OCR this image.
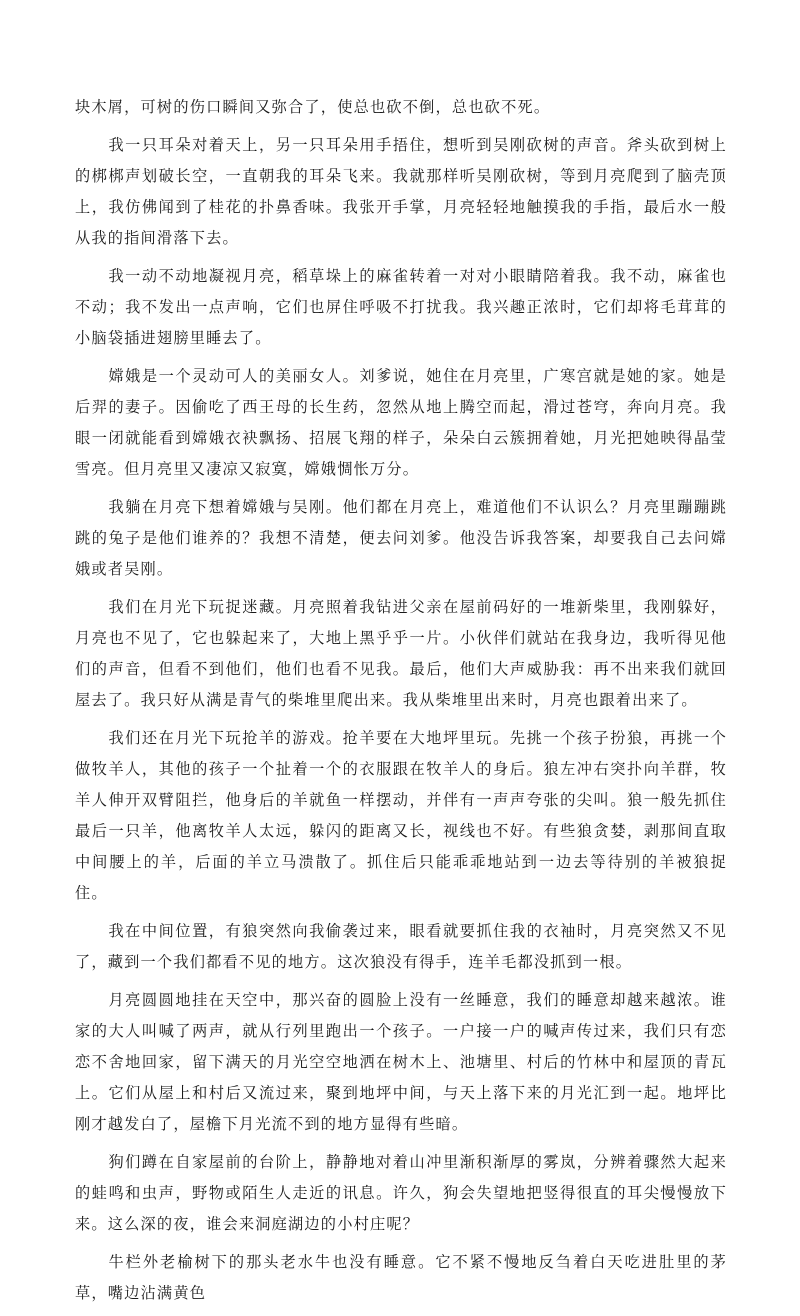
块木屑，可树的伤口瞬间又弥合了，使总也砍不倒，总也砍不死。

我一只耳朵对着天上，另一只耳朵用手捂住，想听到吴刚砍树的声音。斧头砍到树上的梆梆声划破长空，一直朝我的耳朵飞来。我就那样听吴刚砍树，等到月亮爬到了脑壳顶上，我仿佛闻到了桂花的扑鼻香味。我张开手掌，月亮轻轻地触摸我的手指，最后水一般从我的指间滑落下去。

我一动不动地凝视月亮，稻草垛上的麻雀转着一对对小眼睛陪着我。我不动，麻雀也不动；我不发出一点声响，它们也屏住呼吸不打扰我。我兴趣正浓时，它们却将毛茸茸的小脑袋插进翅膀里睡去了。

嫦娥是一个灵动可人的美丽女人。刘爹说，她住在月亮里，广寒宫就是她的家。她是后羿的妻子。因偷吃了西王母的长生药，忽然从地上腾空而起，滑过苍穹，奔向月亮。我眼一闭就能看到嫦娥衣袂飘扬、招展飞翔的样子，朵朵白云簇拥着她，月光把她映得晶莹雪亮。但月亮里又凄凉又寂寞，嫦娥惆怅万分。

我躺在月亮下想着嫦娥与吴刚。他们都在月亮上，难道他们不认识么？月亮里蹦蹦跳跳的兔子是他们谁养的？我想不清楚，便去问刘爹。他没告诉我答案，却要我自己去问嫦娥或者吴刚。

我们在月光下玩捉迷藏。月亮照着我钻进父亲在屋前码好的一堆新柴里，我刚躲好，月亮也不见了，它也躲起来了，大地上黑乎乎一片。小伙伴们就站在我身边，我听得见他们的声音，但看不到他们，他们也看不见我。最后，他们大声威胁我：再不出来我们就回屋去了。我只好从满是青气的柴堆里爬出来。我从柴堆里出来时，月亮也跟着出来了。

我们还在月光下玩抢羊的游戏。抢羊要在大地坪里玩。先挑一个孩子扮狼，再挑一个做牧羊人，其他的孩子一个扯着一个的衣服跟在牧羊人的身后。狼左冲右突扑向羊群，牧羊人伸开双臂阻拦，他身后的羊就鱼一样摆动，并伴有一声声夸张的尖叫。狼一般先抓住最后一只羊，他离牧羊人太远，躲闪的距离又长，视线也不好。有些狼贪婪，剥那间直取中间腰上的羊，后面的羊立马溃散了。抓住后只能乖乖地站到一边去等待别的羊被狼捉住。

我在中间位置，有狼突然向我偷袭过来，眼看就要抓住我的衣袖时，月亮突然又不见了，藏到一个我们都看不见的地方。这次狼没有得手，连羊毛都没抓到一根。

月亮圆圆地挂在天空中，那兴奋的圆脸上没有一丝睡意，我们的睡意却越来越浓。谁家的大人叫喊了两声，就从行列里跑出一个孩子。一户接一户的喊声传过来，我们只有恋恋不舍地回家，留下满天的月光空空地洒在树木上、池塘里、村后的竹林中和屋顶的青瓦上。它们从屋上和村后又流过来，聚到地坪中间，与天上落下来的月光汇到一起。地坪比刚才越发白了，屋檐下月光流不到的地方显得有些暗。

狗们蹲在自家屋前的台阶上，静静地对着山冲里渐积渐厚的雾岚，分辨着骤然大起来的蛙鸣和虫声，野物或陌生人走近的讯息。许久，狗会失望地把竖得很直的耳尖慢慢放下来。这么深的夜，谁会来洞庭湖边的小村庄呢？

牛栏外老榆树下的那头老水牛也没有睡意。它不紧不慢地反刍着白天吃进肚里的茅草，嘴边沾满黄色
